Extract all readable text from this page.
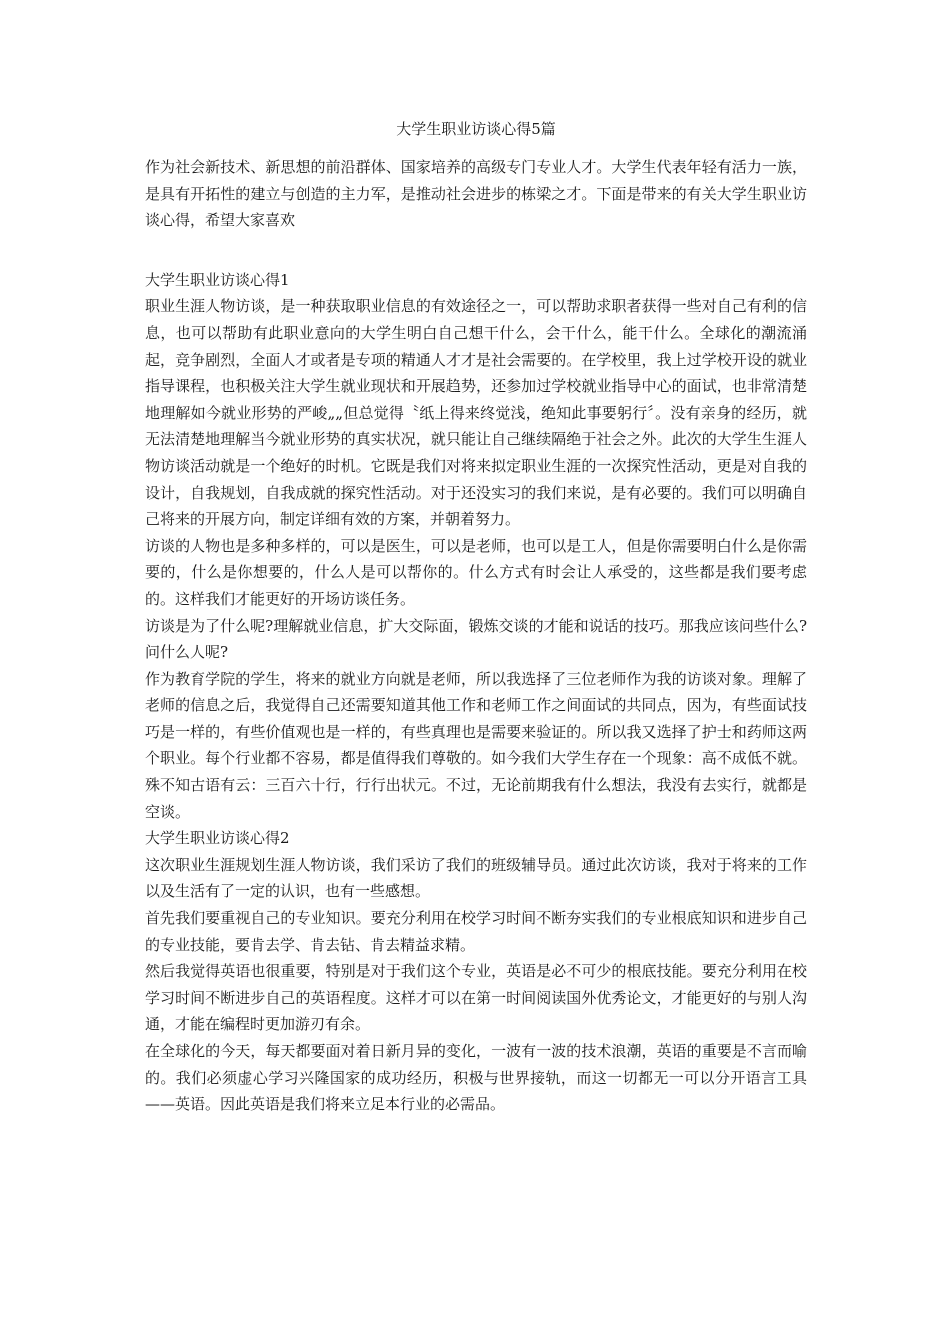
大学生职业访谈心得5篇

作为社会新技术、新思想的前沿群体、国家培养的高级专门专业人才。大学生代表年轻有活力一族，是具有开拓性的建立与创造的主力军，是推动社会进步的栋梁之才。下面是带来的有关大学生职业访谈心得，希望大家喜欢

大学生职业访谈心得1

职业生涯人物访谈，是一种获取职业信息的有效途径之一，可以帮助求职者获得一些对自己有利的信息，也可以帮助有此职业意向的大学生明白自己想干什么，会干什么，能干什么。全球化的潮流涌起，竞争剧烈，全面人才或者是专项的精通人才才是社会需要的。在学校里，我上过学校开设的就业指导课程，也积极关注大学生就业现状和开展趋势，还参加过学校就业指导中心的面试，也非常清楚地理解如今就业形势的严峻„„但总觉得〝纸上得来终觉浅，绝知此事要躬行〞。没有亲身的经历，就无法清楚地理解当今就业形势的真实状况，就只能让自己继续隔绝于社会之外。此次的大学生生涯人物访谈活动就是一个绝好的时机。它既是我们对将来拟定职业生涯的一次探究性活动，更是对自我的设计，自我规划，自我成就的探究性活动。对于还没实习的我们来说，是有必要的。我们可以明确自己将来的开展方向，制定详细有效的方案，并朝着努力。

访谈的人物也是多种多样的，可以是医生，可以是老师，也可以是工人，但是你需要明白什么是你需要的，什么是你想要的，什么人是可以帮你的。什么方式有时会让人承受的，这些都是我们要考虑的。这样我们才能更好的开场访谈任务。

访谈是为了什么呢?理解就业信息，扩大交际面，锻炼交谈的才能和说话的技巧。那我应该问些什么?问什么人呢?

作为教育学院的学生，将来的就业方向就是老师，所以我选择了三位老师作为我的访谈对象。理解了老师的信息之后，我觉得自己还需要知道其他工作和老师工作之间面试的共同点，因为，有些面试技巧是一样的，有些价值观也是一样的，有些真理也是需要来验证的。所以我又选择了护士和药师这两个职业。每个行业都不容易，都是值得我们尊敬的。如今我们大学生存在一个现象：高不成低不就。殊不知古语有云：三百六十行，行行出状元。不过，无论前期我有什么想法，我没有去实行，就都是空谈。

大学生职业访谈心得2

这次职业生涯规划生涯人物访谈，我们采访了我们的班级辅导员。通过此次访谈，我对于将来的工作以及生活有了一定的认识，也有一些感想。

首先我们要重视自己的专业知识。要充分利用在校学习时间不断夯实我们的专业根底知识和进步自己的专业技能，要肯去学、肯去钻、肯去精益求精。

然后我觉得英语也很重要，特别是对于我们这个专业，英语是必不可少的根底技能。要充分利用在校学习时间不断进步自己的英语程度。这样才可以在第一时间阅读国外优秀论文，才能更好的与别人沟通，才能在编程时更加游刃有余。

在全球化的今天，每天都要面对着日新月异的变化，一波有一波的技术浪潮，英语的重要是不言而喻的。我们必须虚心学习兴隆国家的成功经历，积极与世界接轨，而这一切都无一可以分开语言工具——英语。因此英语是我们将来立足本行业的必需品。
